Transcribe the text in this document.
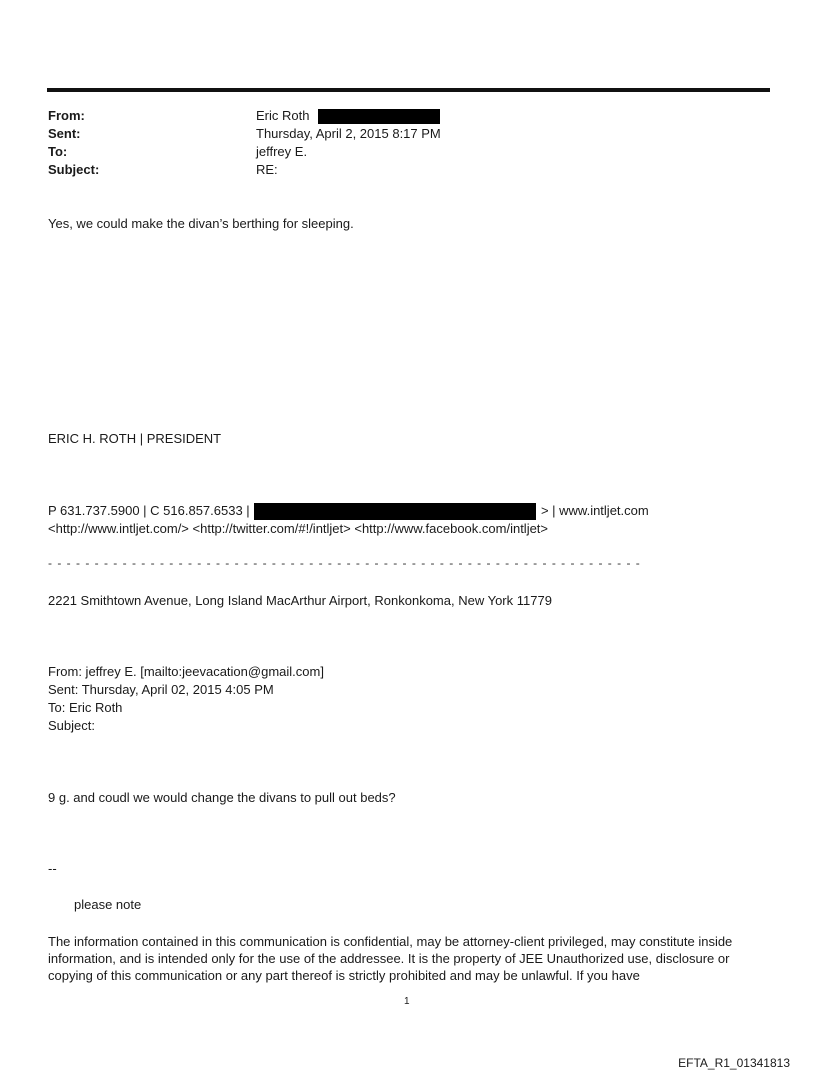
From:	Eric Roth
Sent:	Thursday, April 2, 2015 8:17 PM
To:	jeffrey E.
Subject:	RE:
Yes, we could make the divan’s berthing for sleeping.
ERIC H. ROTH | PRESIDENT
P 631.737.5900 | C 516.857.6533 |	> | www.intljet.com
<http://www.intljet.com/> <http://twitter.com/#!/intljet> <http://www.facebook.com/intljet>
- - - - - - - - - - - - - - - - - - - - - - - - - - - - - - - - - - - - - - - - - - - - - - - - - - - - - - - - - - - - - - - -
2221 Smithtown Avenue, Long Island MacArthur Airport, Ronkonkoma, New York 11779
From: jeffrey E. [mailto:jeevacation@gmail.com]
Sent: Thursday, April 02, 2015 4:05 PM
To: Eric Roth
Subject:
9 g. and coudl we would change the divans to pull out beds?
--
please note
The information contained in this communication is confidential, may be attorney-client privileged, may constitute inside information, and is intended only for the use of the addressee. It is the property of JEE Unauthorized use, disclosure or copying of this communication or any part thereof is strictly prohibited and may be unlawful. If you have
1
EFTA_R1_01341813
